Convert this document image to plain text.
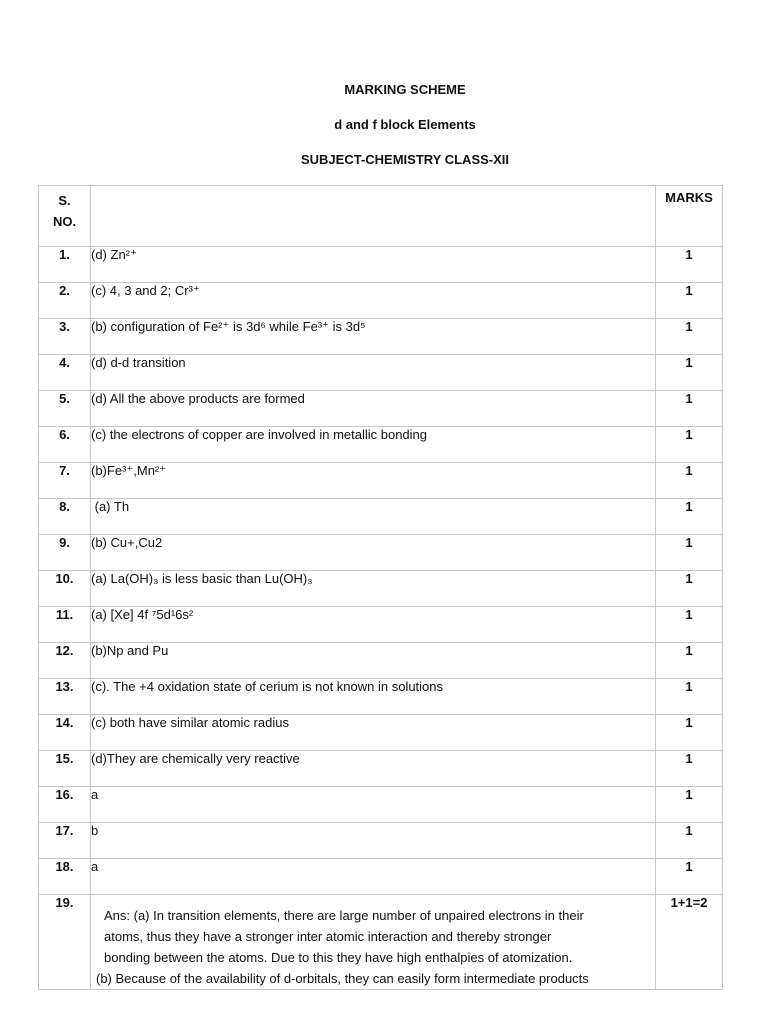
MARKING SCHEME
d and f block Elements
SUBJECT-CHEMISTRY CLASS-XII
S.
NO.		MARKS
1.	(d) Zn²⁺	1
2.	(c) 4, 3 and 2; Cr³⁺	1
3.	(b) configuration of Fe²⁺ is 3d⁶ while Fe³⁺ is 3d⁵	1
4.	(d) d-d transition	1
5.	(d) All the above products are formed	1
6.	(c) the electrons of copper are involved in metallic bonding	1
7.	(b)Fe³⁺,Mn²⁺	1
8.	(a) Th	1
9.	(b) Cu+,Cu2	1
10.	(a) La(OH)₃ is less basic than Lu(OH)₃	1
11.	(a) [Xe] 4f ⁷5d¹6s²	1
12.	(b)Np and Pu	1
13.	(c). The +4 oxidation state of cerium is not known in solutions	1
14.	(c) both have similar atomic radius	1
15.	(d)They are chemically very reactive	1
16.	a	1
17.	b	1
18.	a	1
19.	Ans: (a) In transition elements, there are large number of unpaired electrons in their
atoms, thus they have a stronger inter atomic interaction and thereby stronger
bonding between the atoms. Due to this they have high enthalpies of atomization.
(b) Because of the availability of d-orbitals, they can easily form intermediate products	1+1=2
